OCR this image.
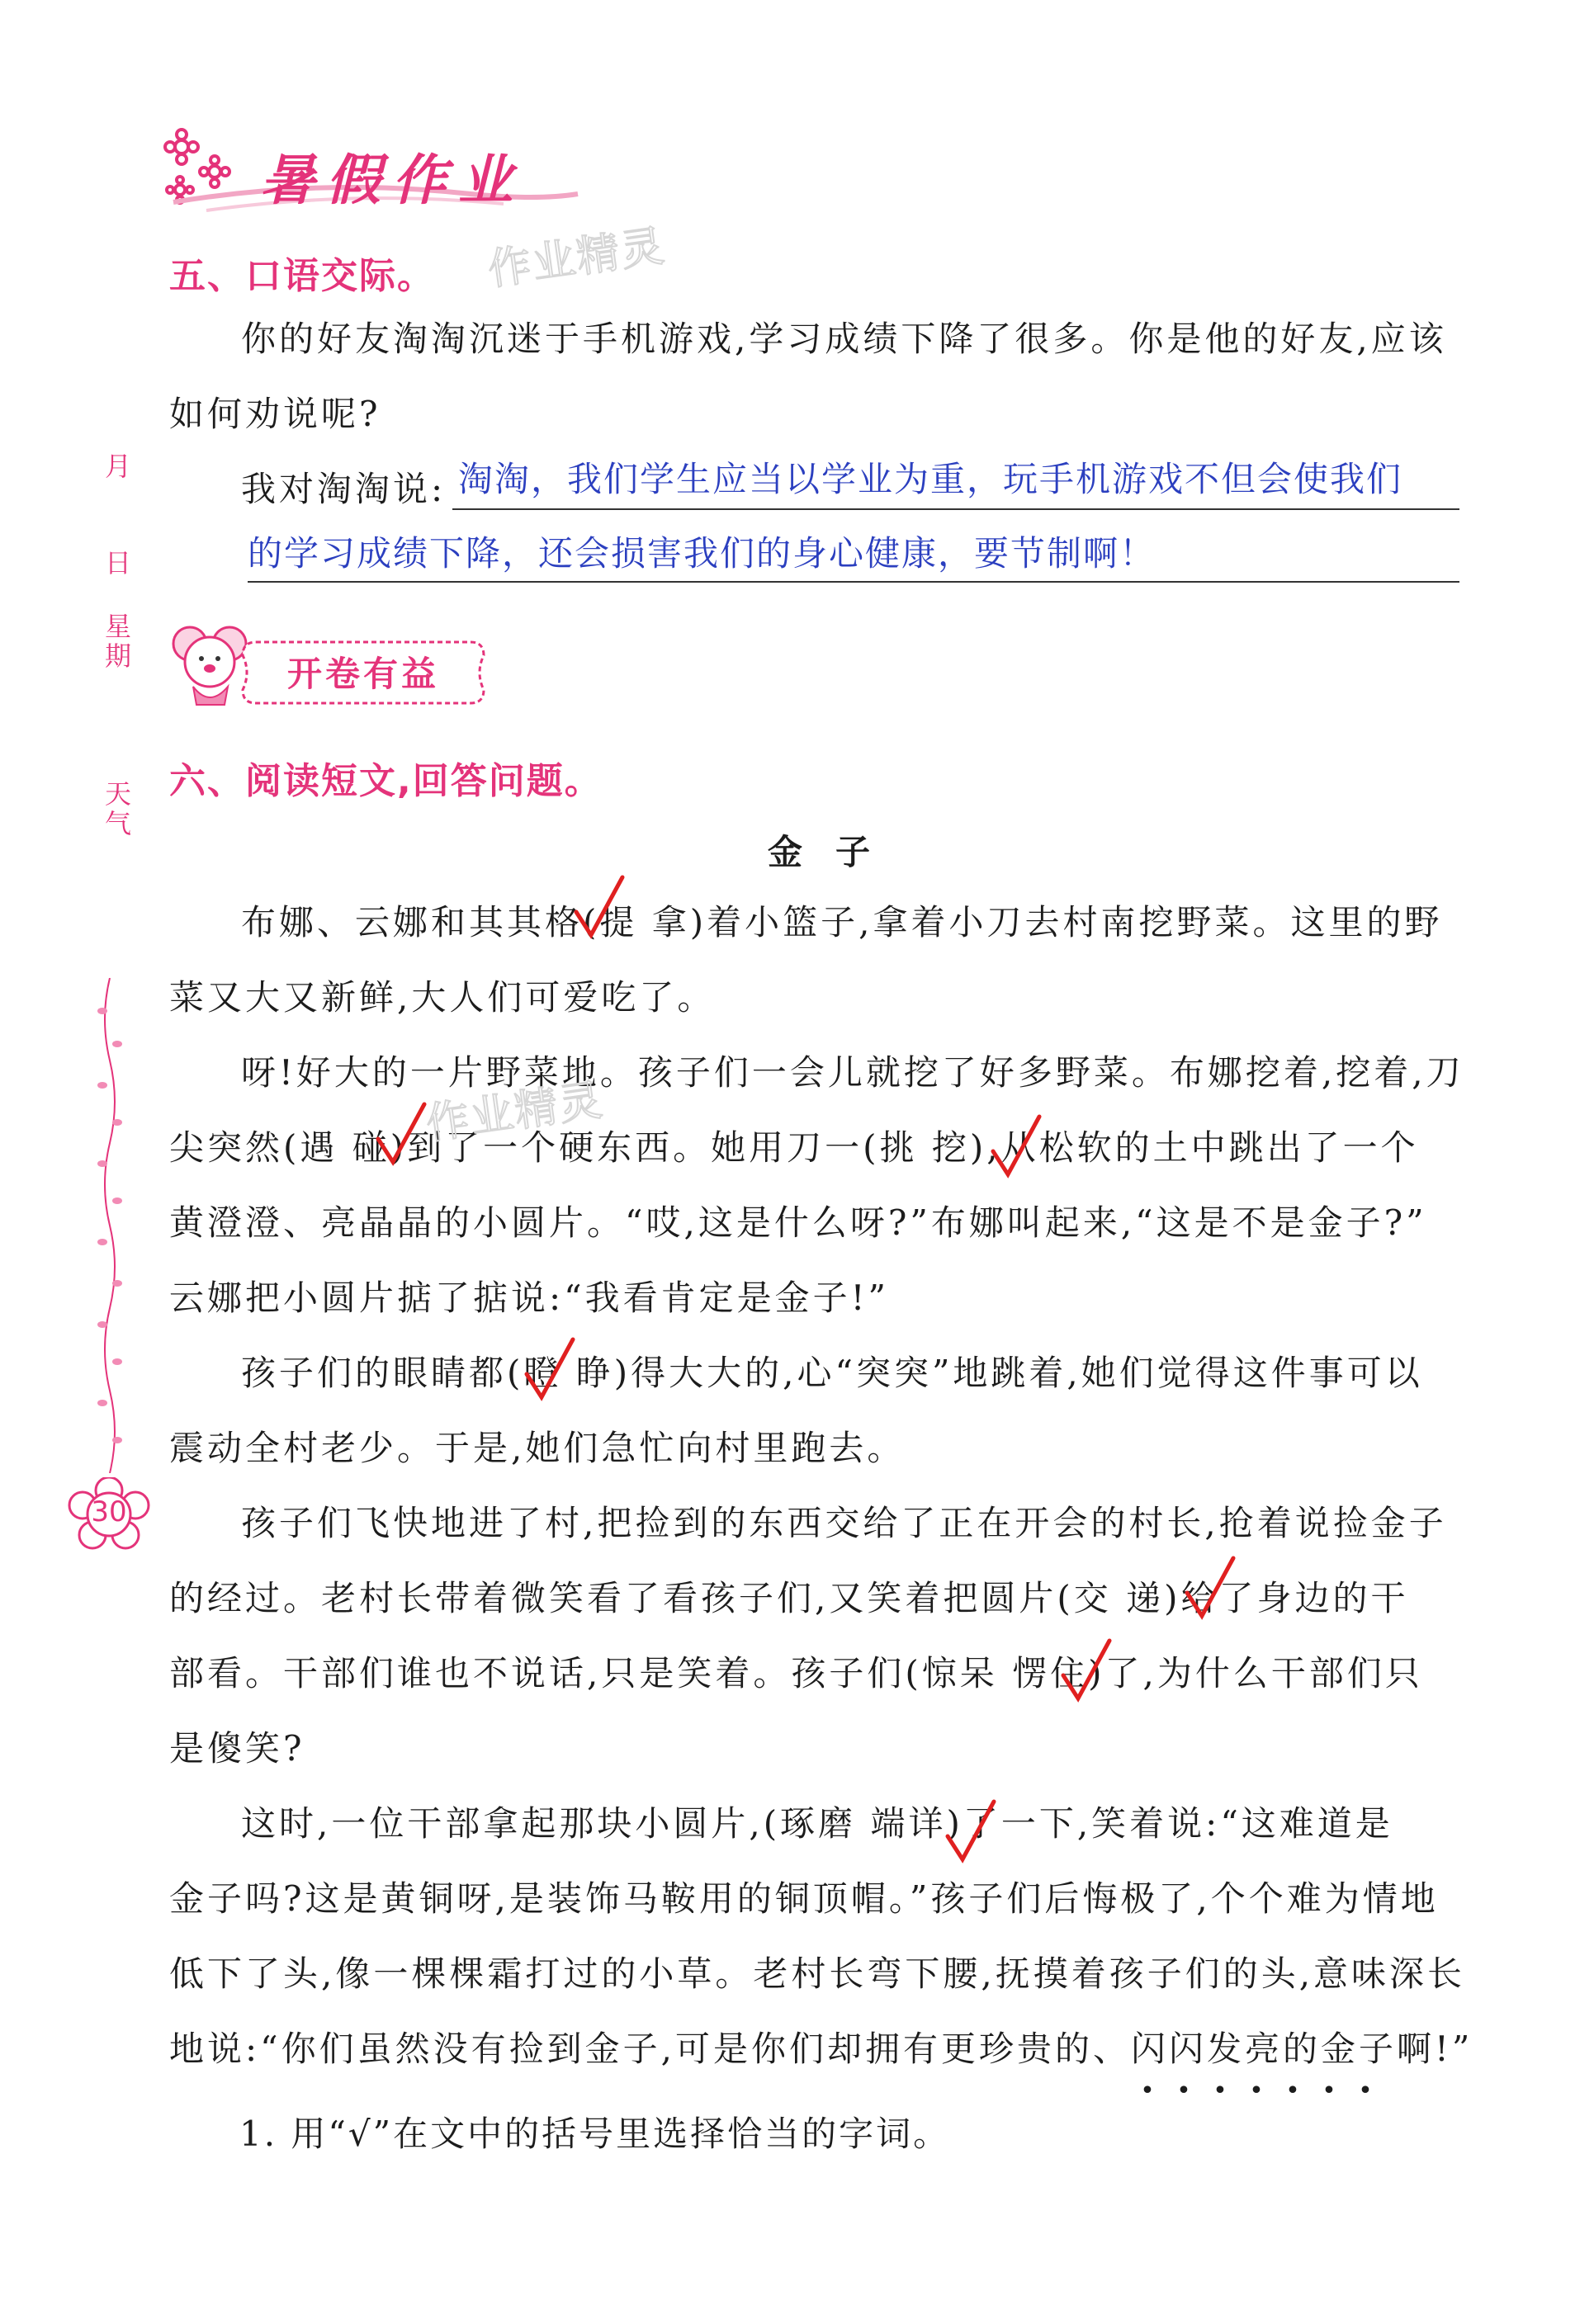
暑假作业
五、口语交际。 作业精灵
你的好友淘淘沉迷于手机游戏,学习成绩下降了很多。你是他的好友,应该
如何劝说呢?
我对淘淘说: 淘淘，我们学生应当以学业为重，玩手机游戏不但会使我们
的学习成绩下降，还会损害我们的身心健康，要节制啊！
月
日
星期
天气
30
开卷有益
六、阅读短文,回答问题。
金子
布娜、云娜和其其格(提 拿)着小篮子,拿着小刀去村南挖野菜。这里的野
菜又大又新鲜,大人们可爱吃了。
呀!好大的一片野菜地。孩子们一会儿就挖了好多野菜。布娜挖着,挖着,刀
尖突然(遇 碰)到了一个硬东西。她用刀一(挑 挖),从松软的土中跳出了一个
黄澄澄、亮晶晶的小圆片。“哎,这是什么呀?”布娜叫起来,“这是不是金子?”
云娜把小圆片掂了掂说:“我看肯定是金子!”
孩子们的眼睛都(瞪 睁)得大大的,心“突突”地跳着,她们觉得这件事可以
震动全村老少。于是,她们急忙向村里跑去。
孩子们飞快地进了村,把捡到的东西交给了正在开会的村长,抢着说捡金子
的经过。老村长带着微笑看了看孩子们,又笑着把圆片(交 递)给了身边的干
部看。干部们谁也不说话,只是笑着。孩子们(惊呆 愣住)了,为什么干部们只
是傻笑?
这时,一位干部拿起那块小圆片,(琢磨 端详)了一下,笑着说:“这难道是
金子吗?这是黄铜呀,是装饰马鞍用的铜顶帽。”孩子们后悔极了,个个难为情地
低下了头,像一棵棵霜打过的小草。老村长弯下腰,抚摸着孩子们的头,意味深长
地说:“你们虽然没有捡到金子,可是你们却拥有更珍贵的、闪闪发亮的金子啊!”
作业精灵
• • • • • • •
1. 用“√”在文中的括号里选择恰当的字词。
